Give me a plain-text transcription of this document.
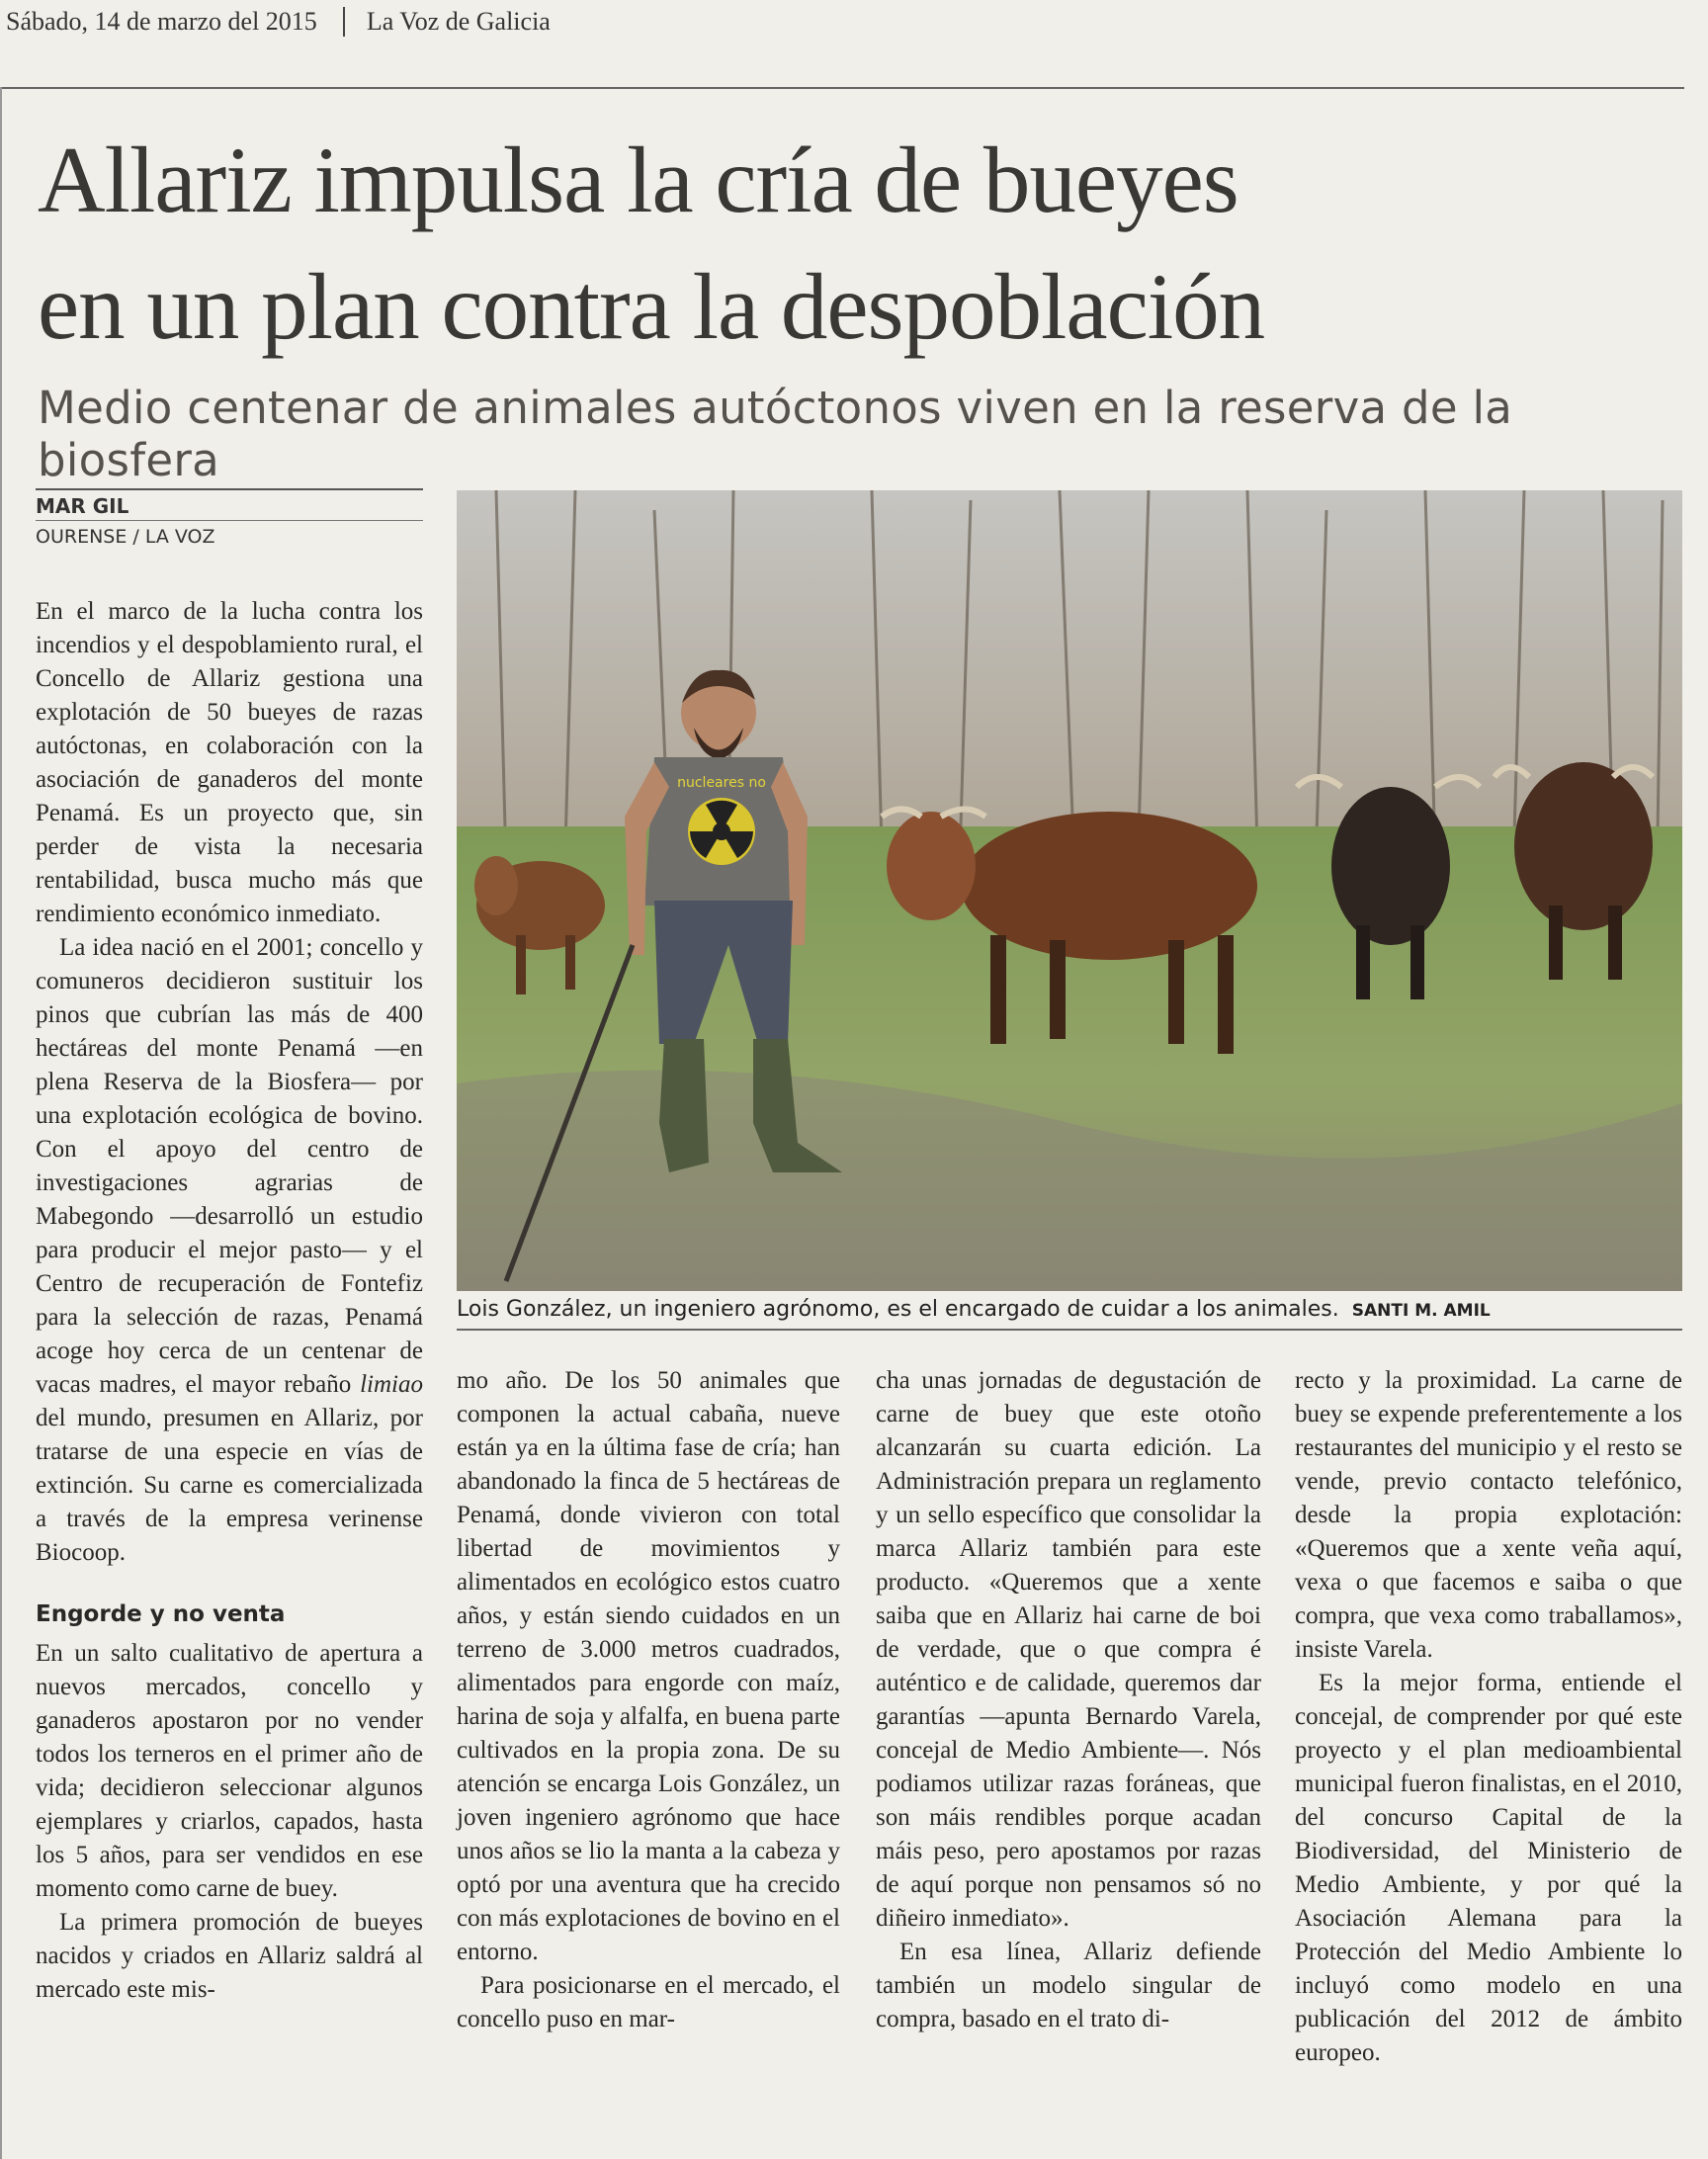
Sábado, 14 de marzo del 2015 La Voz de Galicia
Allariz impulsa la cría de bueyes
en un plan contra la despoblación
Medio centenar de animales autóctonos viven en la reserva de la biosfera
MAR GIL
OURENSE / LA VOZ
nucleares no
Lois González, un ingeniero agrónomo, es el encargado de cuidar a los animales. SANTI M. AMIL

En el marco de la lucha contra los incendios y el despoblamiento rural, el Concello de Allariz gestiona una explotación de 50 bueyes de razas autóctonas, en colaboración con la asociación de ganaderos del monte Penamá. Es un proyecto que, sin perder de vista la necesaria rentabilidad, busca mucho más que rendimiento económico inmediato.

La idea nació en el 2001; concello y comuneros decidieron sustituir los pinos que cubrían las más de 400 hectáreas del monte Penamá —en plena Reserva de la Biosfera— por una explotación ecológica de bovino. Con el apoyo del centro de investigaciones agrarias de Mabegondo —desarrolló un estudio para producir el mejor pasto— y el Centro de recuperación de Fontefiz para la selección de razas, Penamá acoge hoy cerca de un centenar de vacas madres, el mayor rebaño limiao del mundo, presumen en Allariz, por tratarse de una especie en vías de extinción. Su carne es comercializada a través de la empresa verinense Biocoop.

Engorde y no venta

En un salto cualitativo de apertura a nuevos mercados, concello y ganaderos apostaron por no vender todos los terneros en el primer año de vida; decidieron seleccionar algunos ejemplares y criarlos, capados, hasta los 5 años, para ser vendidos en ese momento como carne de buey.

La primera promoción de bueyes nacidos y criados en Allariz saldrá al mercado este mis-

mo año. De los 50 animales que componen la actual cabaña, nueve están ya en la última fase de cría; han abandonado la finca de 5 hectáreas de Penamá, donde vivieron con total libertad de movimientos y alimentados en ecológico estos cuatro años, y están siendo cuidados en un terreno de 3.000 metros cuadrados, alimentados para engorde con maíz, harina de soja y alfalfa, en buena parte cultivados en la propia zona. De su atención se encarga Lois González, un joven ingeniero agrónomo que hace unos años se lio la manta a la cabeza y optó por una aventura que ha crecido con más explotaciones de bovino en el entorno.

Para posicionarse en el mercado, el concello puso en mar-

cha unas jornadas de degustación de carne de buey que este otoño alcanzarán su cuarta edición. La Administración prepara un reglamento y un sello específico que consolidar la marca Allariz también para este producto. «Queremos que a xente saiba que en Allariz hai carne de boi de verdade, que o que compra é auténtico e de calidade, queremos dar garantías —apunta Bernardo Varela, concejal de Medio Ambiente—. Nós podiamos utilizar razas foráneas, que son máis rendibles porque acadan máis peso, pero apostamos por razas de aquí porque non pensamos só no diñeiro inmediato».

En esa línea, Allariz defiende también un modelo singular de compra, basado en el trato di-

recto y la proximidad. La carne de buey se expende preferentemente a los restaurantes del municipio y el resto se vende, previo contacto telefónico, desde la propia explotación: «Queremos que a xente veña aquí, vexa o que facemos e saiba o que compra, que vexa como traballamos», insiste Varela.

Es la mejor forma, entiende el concejal, de comprender por qué este proyecto y el plan medioambiental municipal fueron finalistas, en el 2010, del concurso Capital de la Biodiversidad, del Ministerio de Medio Ambiente, y por qué la Asociación Alemana para la Protección del Medio Ambiente lo incluyó como modelo en una publicación del 2012 de ámbito europeo.
